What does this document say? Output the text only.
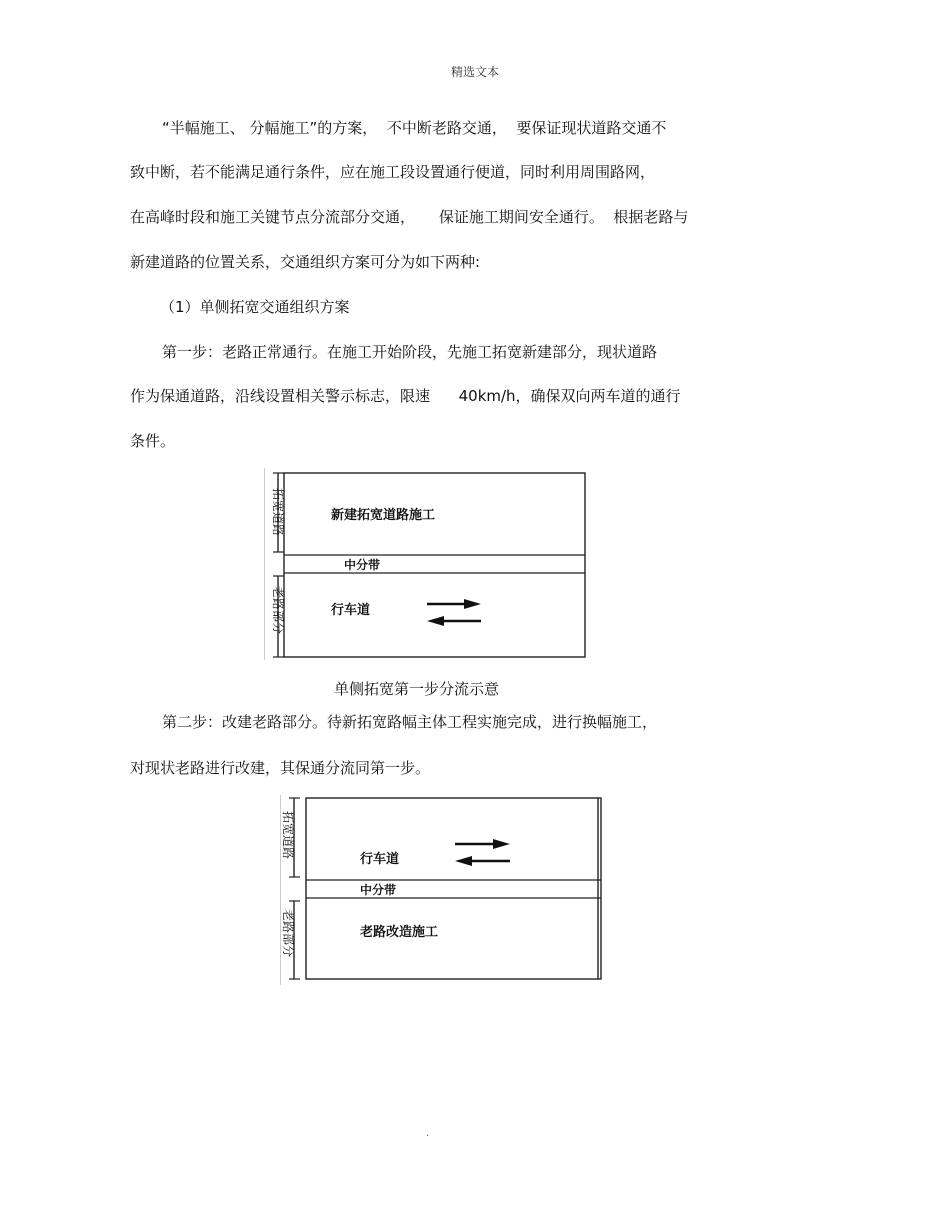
精选文本
“半幅施工、 分幅施工”的方案，  不中断老路交通，  要保证现状道路交通不
致中断，若不能满足通行条件，应在施工段设置通行便道，同时利用周围路网，
在高峰时段和施工关键节点分流部分交通，     保证施工期间安全通行。  根据老路与
新建道路的位置关系，交通组织方案可分为如下两种:
（1）单侧拓宽交通组织方案
第一步：老路正常通行。在施工开始阶段，先施工拓宽新建部分，现状道路
作为保通道路，沿线设置相关警示标志，限速      40km/h，确保双向两车道的通行
条件。
拓宽道路
老路部分
新建拓宽道路施工
中分带
行车道
单侧拓宽第一步分流示意
第二步：改建老路部分。待新拓宽路幅主体工程实施完成，进行换幅施工，
对现状老路进行改建，其保通分流同第一步。
拓宽道路
老路部分
行车道
中分带
老路改造施工
.
